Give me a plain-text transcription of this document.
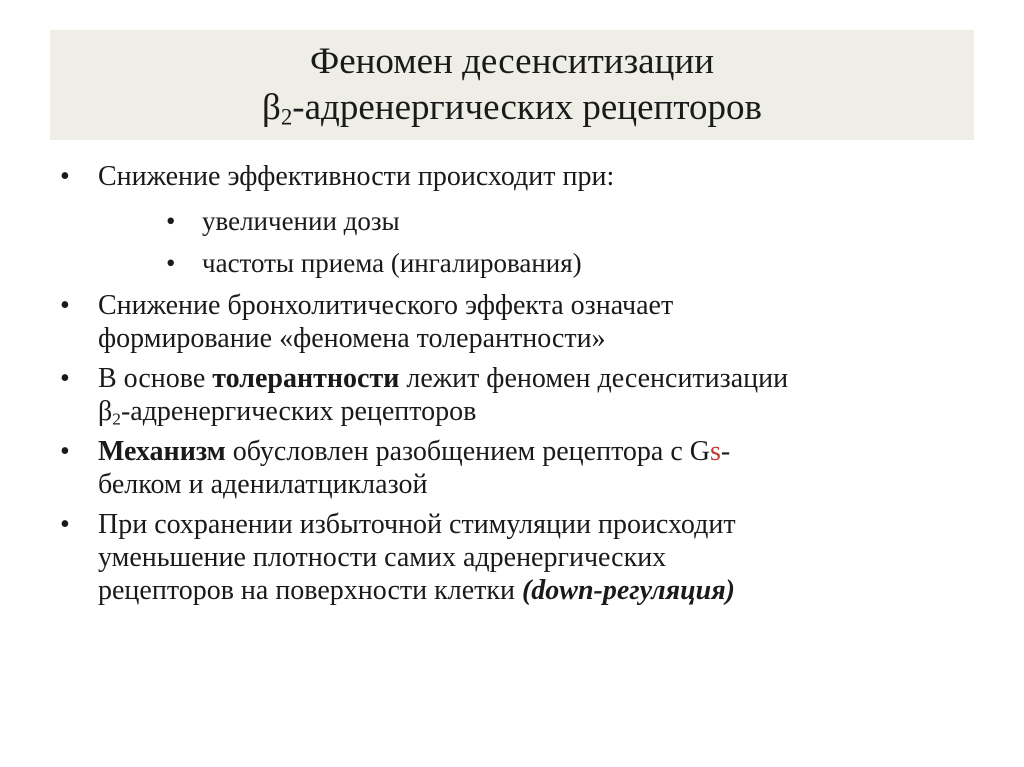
Феномен десенситизации
$\beta_2$-адренергических рецепторов
• Снижение эффективности происходит при:
• увеличении дозы
• частоты приема (ингалирования)
• Снижение бронхолитического эффекта означает
формирование «феномена толерантности»
• В основе толерантности лежит феномен десенситизации
$\beta_2$-адренергических рецепторов
• Механизм обусловлен разобщением рецептора с Gs-
белком и аденилатциклазой
• При сохранении избыточной стимуляции происходит
уменьшение плотности самих адренергических
рецепторов на поверхности клетки (down-регуляция)
